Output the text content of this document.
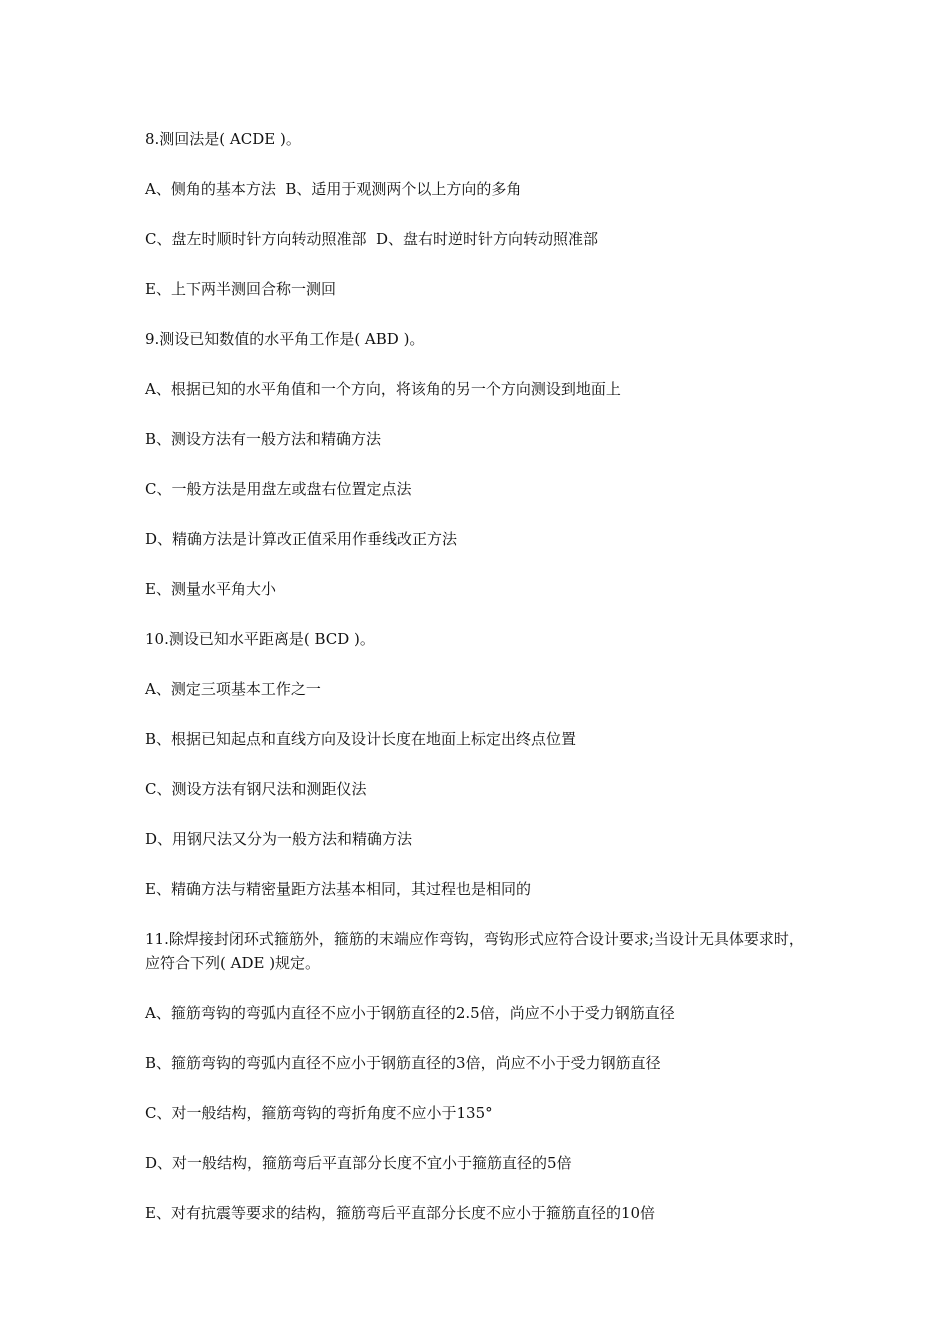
8.测回法是( ACDE )。

A、侧角的基本方法  B、适用于观测两个以上方向的多角

C、盘左时顺时针方向转动照准部  D、盘右时逆时针方向转动照准部

E、上下两半测回合称一测回

9.测设已知数值的水平角工作是( ABD )。

A、根据已知的水平角值和一个方向，将该角的另一个方向测设到地面上

B、测设方法有一般方法和精确方法

C、一般方法是用盘左或盘右位置定点法

D、精确方法是计算改正值采用作垂线改正方法

E、测量水平角大小

10.测设已知水平距离是( BCD )。

A、测定三项基本工作之一

B、根据已知起点和直线方向及设计长度在地面上标定出终点位置

C、测设方法有钢尺法和测距仪法

D、用钢尺法又分为一般方法和精确方法

E、精确方法与精密量距方法基本相同，其过程也是相同的

11.除焊接封闭环式箍筋外，箍筋的末端应作弯钩，弯钩形式应符合设计要求;当设计无具体要求时，应符合下列( ADE )规定。

A、箍筋弯钩的弯弧内直径不应小于钢筋直径的2.5倍，尚应不小于受力钢筋直径

B、箍筋弯钩的弯弧内直径不应小于钢筋直径的3倍，尚应不小于受力钢筋直径

C、对一般结构，箍筋弯钩的弯折角度不应小于135°

D、对一般结构，箍筋弯后平直部分长度不宜小于箍筋直径的5倍

E、对有抗震等要求的结构，箍筋弯后平直部分长度不应小于箍筋直径的10倍
